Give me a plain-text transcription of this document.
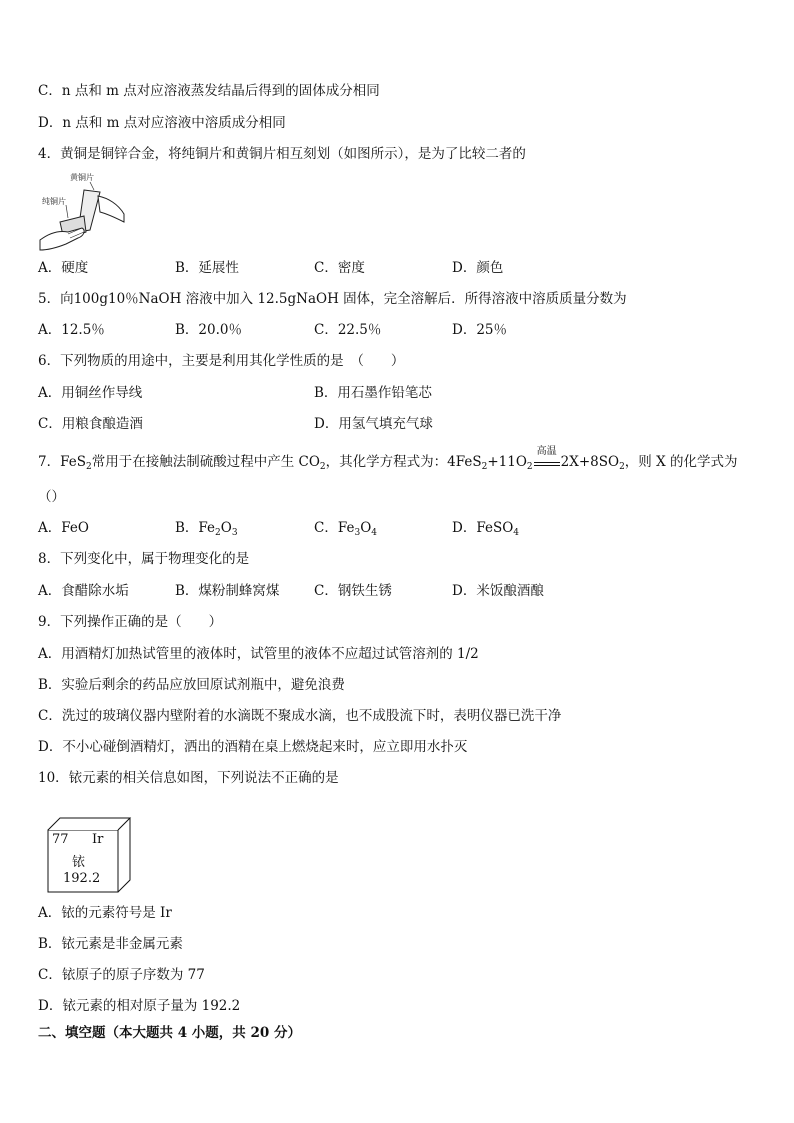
C．n 点和 m 点对应溶液蒸发结晶后得到的固体成分相同
D．n 点和 m 点对应溶液中溶质成分相同
4．黄铜是铜锌合金，将纯铜片和黄铜片相互刻划（如图所示），是为了比较二者的
黄铜片
纯铜片
A．硬度	B．延展性	C．密度	D．颜色
5．向100g10％NaOH 溶液中加入 12.5gNaOH 固体，完全溶解后．所得溶液中溶质质量分数为
A．12.5％	B．20.0％	C．22.5％	D．25％
6．下列物质的用途中，主要是利用其化学性质的是　（　　）
A．用铜丝作导线	B．用石墨作铅笔芯
C．用粮食酿造酒	D．用氢气填充气球
7．FeS$_2$常用于在接触法制硫酸过程中产生 $CO_2$，其化学方程式为：$4FeS_2+11O_2$
高温
$2X+8SO_2$，则 X 的化学式为
（）
A．FeO	B．$Fe_2O_3$	C．$Fe_3O_4$	D．FeSO$_4$
8．下列变化中，属于物理变化的是
A．食醋除水垢	B．煤粉制蜂窝煤	C．钢铁生锈	D．米饭酿酒酿
9．下列操作正确的是（　　）
A．用酒精灯加热试管里的液体时，试管里的液体不应超过试管溶剂的 1/2
B．实验后剩余的药品应放回原试剂瓶中，避免浪费
C．洗过的玻璃仪器内壁附着的水滴既不聚成水滴，也不成股流下时，表明仪器已洗干净
D．不小心碰倒酒精灯，洒出的酒精在桌上燃烧起来时，应立即用水扑灭
10．铱元素的相关信息如图，下列说法不正确的是
77 Ir
铱
192.2
A．铱的元素符号是 Ir
B．铱元素是非金属元素
C．铱原子的原子序数为 77
D．铱元素的相对原子量为 192.2
二、填空题（本大题共 4 小题，共 20 分）
